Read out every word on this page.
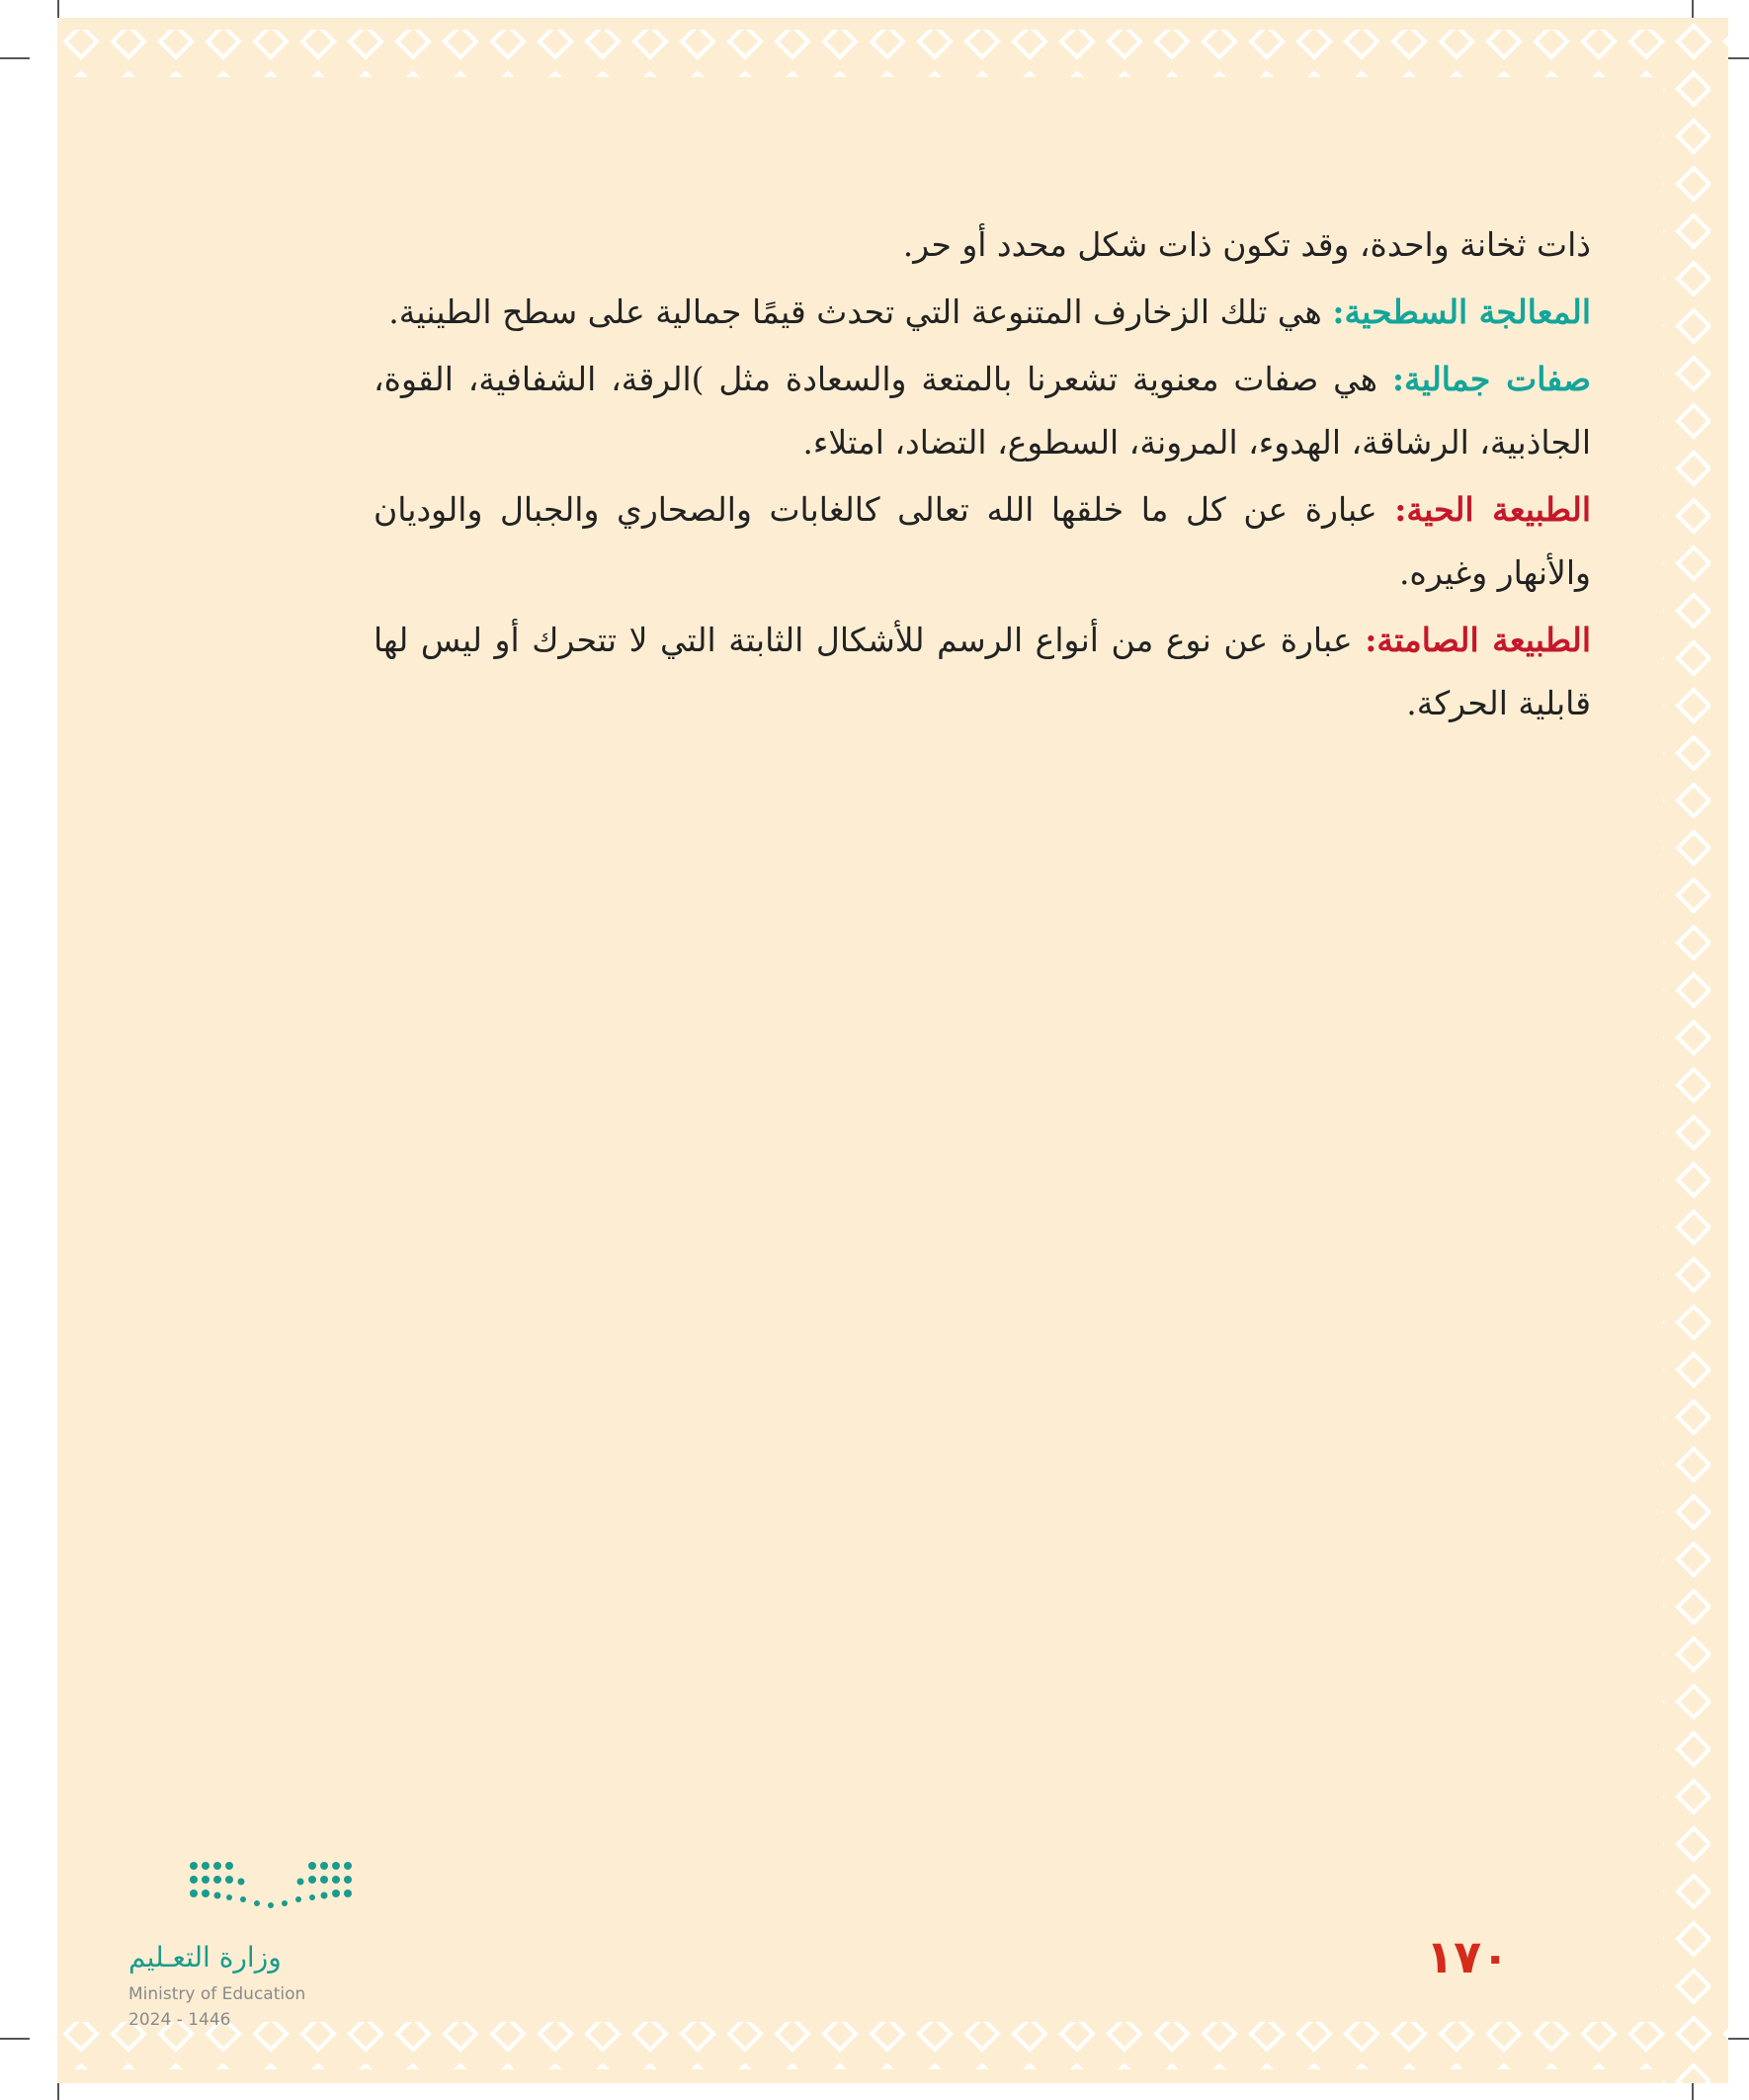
ذات ثخانة واحدة، وقد تكون ذات شكل محدد أو حر.

المعالجة السطحية: هي تلك الزخارف المتنوعة التي تحدث قيمًا جمالية على سطح الطينية.

صفات جمالية: هي صفات معنوية تشعرنا بالمتعة والسعادة مثل )الرقة، الشفافية، القوة، الجاذبية، الرشاقة، الهدوء، المرونة، السطوع، التضاد، امتلاء.

الطبيعة الحية: عبارة عن كل ما خلقها الله تعالى كالغابات والصحاري والجبال والوديان والأنهار وغيره.

الطبيعة الصامتة: عبارة عن نوع من أنواع الرسم للأشكال الثابتة التي لا تتحرك أو ليس لها قابلية الحركة.

١٧٠
وزارة التعـليم
Ministry of Education
2024 - 1446
